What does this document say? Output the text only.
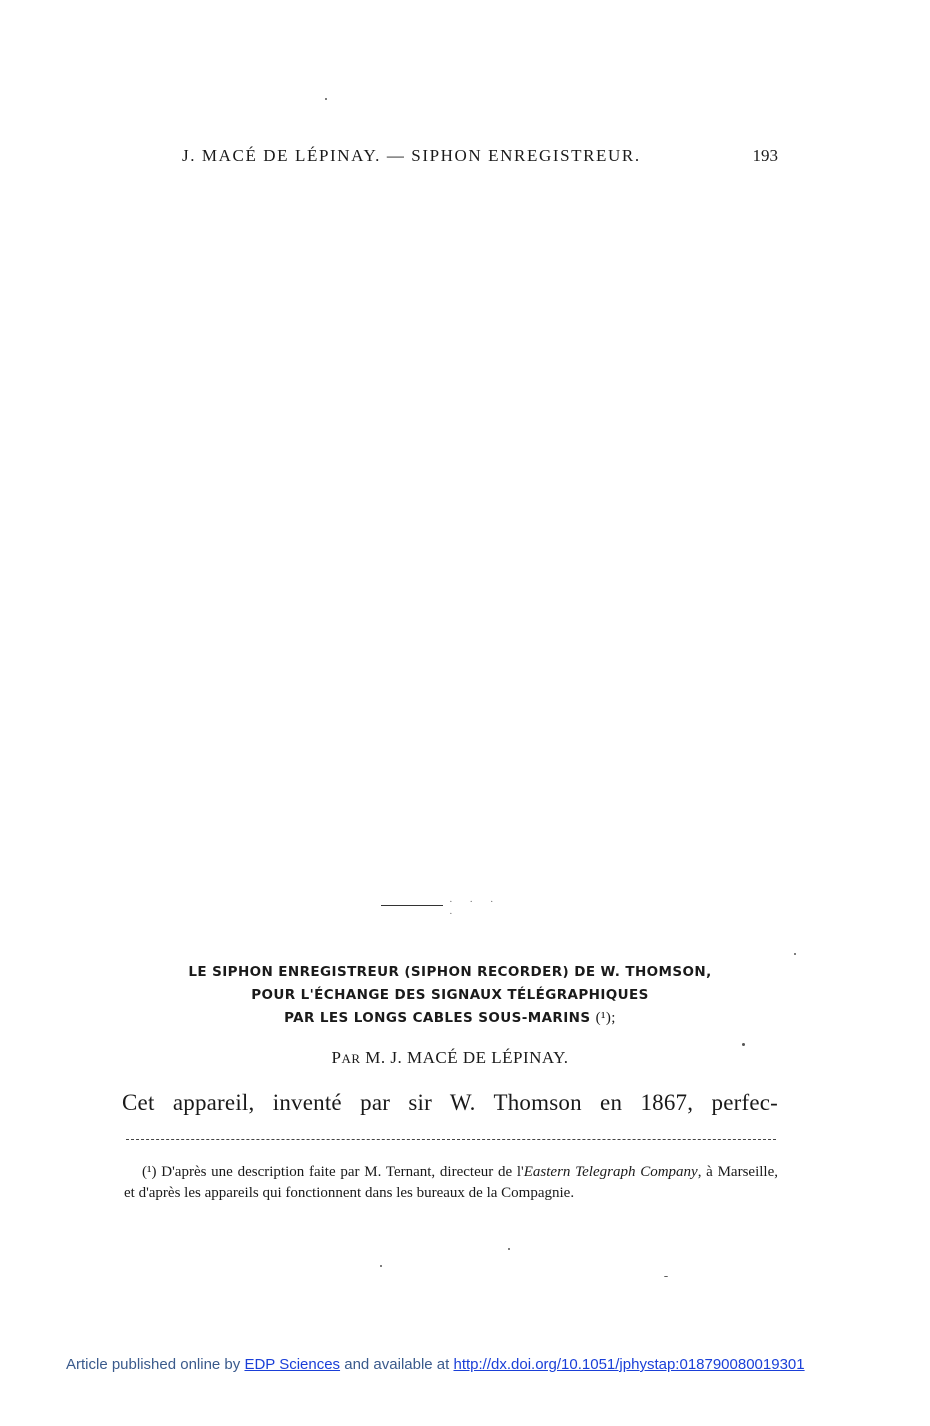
J. MACÉ DE LÉPINAY. — SIPHON ENREGISTREUR.	193
· · · ·
LE SIPHON ENREGISTREUR (SIPHON RECORDER) DE W. THOMSON,
POUR L'ÉCHANGE DES SIGNAUX TÉLÉGRAPHIQUES
PAR LES LONGS CABLES SOUS-MARINS (¹);
PAR M. J. MACÉ DE LÉPINAY.
Cet appareil, inventé par sir W. Thomson en 1867, perfec-
(¹) D'après une description faite par M. Ternant, directeur de l'Eastern Telegraph Company, à Marseille, et d'après les appareils qui fonctionnent dans les bureaux de la Compagnie.
Article published online by EDP Sciences and available at http://dx.doi.org/10.1051/jphystap:018790080019301
